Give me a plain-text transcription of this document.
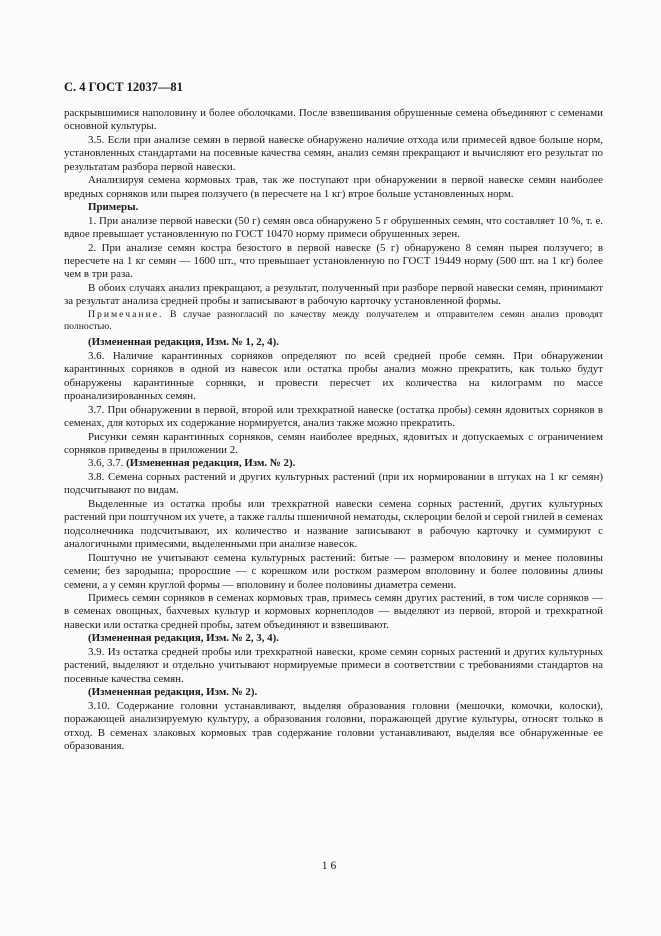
С. 4 ГОСТ 12037—81

раскрывшимися наполовину и более оболочками. После взвешивания обрушенные семена объединяют с семенами основной культуры.

3.5. Если при анализе семян в первой навеске обнаружено наличие отхода или примесей вдвое больше норм, установленных стандартами на посевные качества семян, анализ семян прекращают и вычисляют его результат по результатам разбора первой навески.

Анализируя семена кормовых трав, так же поступают при обнаружении в первой навеске семян наиболее вредных сорняков или пырея ползучего (в пересчете на 1 кг) втрое больше установленных норм.

Примеры.

1. При анализе первой навески (50 г) семян овса обнаружено 5 г обрушенных семян, что составляет 10 %, т. е. вдвое превышает установленную по ГОСТ 10470 норму примеси обрушенных зерен.

2. При анализе семян костра безостого в первой навеске (5 г) обнаружено 8 семян пырея ползучего; в пересчете на 1 кг семян — 1600 шт., что превышает установленную по ГОСТ 19449 норму (500 шт. на 1 кг) более чем в три раза.

В обоих случаях анализ прекращают, а результат, полученный при разборе первой навески семян, принимают за результат анализа средней пробы и записывают в рабочую карточку установленной формы.

Примечание. В случае разногласий по качеству между получателем и отправителем семян анализ проводят полностью.

(Измененная редакция, Изм. № 1, 2, 4).

3.6. Наличие карантинных сорняков определяют по всей средней пробе семян. При обнаружении карантинных сорняков в одной из навесок или остатка пробы анализ можно прекратить, как только будут обнаружены карантинные сорняки, и провести пересчет их количества на килограмм по массе проанализированных семян.

3.7. При обнаружении в первой, второй или трехкратной навеске (остатка пробы) семян ядовитых сорняков в семенах, для которых их содержание нормируется, анализ также можно прекратить.

Рисунки семян карантинных сорняков, семян наиболее вредных, ядовитых и допускаемых с ограничением сорняков приведены в приложении 2.

3.6, 3.7. (Измененная редакция, Изм. № 2).

3.8. Семена сорных растений и других культурных растений (при их нормировании в штуках на 1 кг семян) подсчитывают по видам.

Выделенные из остатка пробы или трехкратной навески семена сорных растений, других культурных растений при поштучном их учете, а также галлы пшеничной нематоды, склероции белой и серой гнилей в семенах подсолнечника подсчитывают, их количество и название записывают в рабочую карточку и суммируют с аналогичными примесями, выделенными при анализе навесок.

Поштучно не учитывают семена культурных растений: битые — размером вполовину и менее половины семени; без зародыша; проросшие — с корешком или ростком размером вполовину и более половины длины семени, а у семян круглой формы — вполовину и более половины диаметра семени.

Примесь семян сорняков в семенах кормовых трав, примесь семян других растений, в том числе сорняков — в семенах овощных, бахчевых культур и кормовых корнеплодов — выделяют из первой, второй и трехкратной навески или остатка средней пробы, затем объединяют и взвешивают.

(Измененная редакция, Изм. № 2, 3, 4).

3.9. Из остатка средней пробы или трехкратной навески, кроме семян сорных растений и других культурных растений, выделяют и отдельно учитывают нормируемые примеси в соответствии с требованиями стандартов на посевные качества семян.

(Измененная редакция, Изм. № 2).

3.10. Содержание головни устанавливают, выделяя образования головни (мешочки, комочки, колоски), поражающей анализируемую культуру, а образования головни, поражающей другие культуры, относят только в отход. В семенах злаковых кормовых трав содержание головни устанавливают, выделяя все обнаруженные ее образования.

16
